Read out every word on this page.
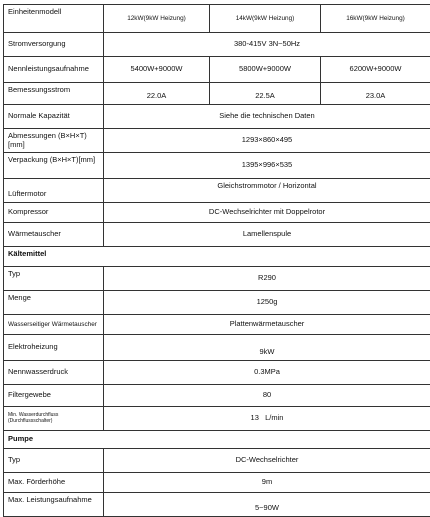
Einheitenmodell	12kW(9kW Heizung)	14kW(9kW Heizung)	16kW(9kW Heizung)
Stromversorgung	380-415V 3N~50Hz		
Nennleistungsaufnahme	5400W+9000W	5800W+9000W	6200W+9000W
Bemessungsstrom	22.0A	22.5A	23.0A
Normale Kapazität	Siehe die technischen Daten		
Abmessungen (B×H×T)[mm]	1293×860×495		
Verpackung (B×H×T)[mm]	1395×996×535		
Lüftermotor	Gleichstrommotor / Horizontal		
Kompressor	DC-Wechselrichter mit Doppelrotor		
Wärmetauscher	Lamellenspule		
Kältemittel			
Typ	R290		
Menge	1250g		
Wasserseitiger Wärmetauscher	Plattenwärmetauscher		
Elektroheizung	9kW		
Nennwasserdruck	0.3MPa		
Filtergewebe	80		
Min. Wasserdurchfluss (Durchflussschalter)	13   L/min		
Pumpe			
Typ	DC-Wechselrichter		
Max. Förderhöhe	9m		
Max. Leistungsaufnahme	5~90W		
